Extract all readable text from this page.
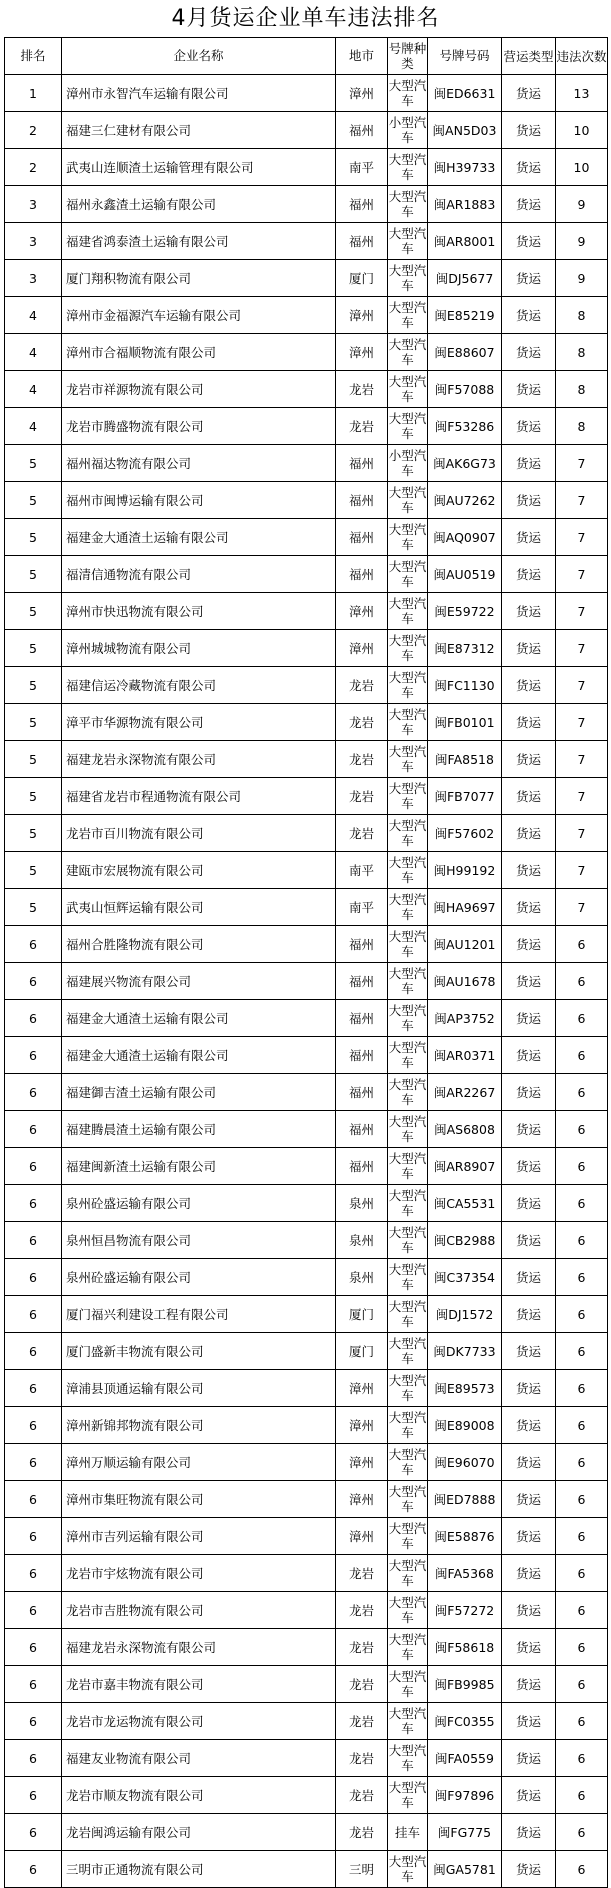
4月货运企业单车违法排名
排名	企业名称	地市	号牌种类	号牌号码	营运类型	违法次数
1	漳州市永智汽车运输有限公司	漳州	大型汽车	闽ED6631	货运	13
2	福建三仁建材有限公司	福州	小型汽车	闽AN5D03	货运	10
2	武夷山连顺渣土运输管理有限公司	南平	大型汽车	闽H39733	货运	10
3	福州永鑫渣土运输有限公司	福州	大型汽车	闽AR1883	货运	9
3	福建省鸿泰渣土运输有限公司	福州	大型汽车	闽AR8001	货运	9
3	厦门翔积物流有限公司	厦门	大型汽车	闽DJ5677	货运	9
4	漳州市金福源汽车运输有限公司	漳州	大型汽车	闽E85219	货运	8
4	漳州市合福顺物流有限公司	漳州	大型汽车	闽E88607	货运	8
4	龙岩市祥源物流有限公司	龙岩	大型汽车	闽F57088	货运	8
4	龙岩市腾盛物流有限公司	龙岩	大型汽车	闽F53286	货运	8
5	福州福达物流有限公司	福州	小型汽车	闽AK6G73	货运	7
5	福州市闽博运输有限公司	福州	大型汽车	闽AU7262	货运	7
5	福建金大通渣土运输有限公司	福州	大型汽车	闽AQ0907	货运	7
5	福清信通物流有限公司	福州	大型汽车	闽AU0519	货运	7
5	漳州市快迅物流有限公司	漳州	大型汽车	闽E59722	货运	7
5	漳州城城物流有限公司	漳州	大型汽车	闽E87312	货运	7
5	福建信运冷藏物流有限公司	龙岩	大型汽车	闽FC1130	货运	7
5	漳平市华源物流有限公司	龙岩	大型汽车	闽FB0101	货运	7
5	福建龙岩永深物流有限公司	龙岩	大型汽车	闽FA8518	货运	7
5	福建省龙岩市程通物流有限公司	龙岩	大型汽车	闽FB7077	货运	7
5	龙岩市百川物流有限公司	龙岩	大型汽车	闽F57602	货运	7
5	建瓯市宏展物流有限公司	南平	大型汽车	闽H99192	货运	7
5	武夷山恒辉运输有限公司	南平	大型汽车	闽HA9697	货运	7
6	福州合胜隆物流有限公司	福州	大型汽车	闽AU1201	货运	6
6	福建展兴物流有限公司	福州	大型汽车	闽AU1678	货运	6
6	福建金大通渣土运输有限公司	福州	大型汽车	闽AP3752	货运	6
6	福建金大通渣土运输有限公司	福州	大型汽车	闽AR0371	货运	6
6	福建御吉渣土运输有限公司	福州	大型汽车	闽AR2267	货运	6
6	福建腾晨渣土运输有限公司	福州	大型汽车	闽AS6808	货运	6
6	福建闽新渣土运输有限公司	福州	大型汽车	闽AR8907	货运	6
6	泉州砼盛运输有限公司	泉州	大型汽车	闽CA5531	货运	6
6	泉州恒昌物流有限公司	泉州	大型汽车	闽CB2988	货运	6
6	泉州砼盛运输有限公司	泉州	大型汽车	闽C37354	货运	6
6	厦门福兴利建设工程有限公司	厦门	大型汽车	闽DJ1572	货运	6
6	厦门盛新丰物流有限公司	厦门	大型汽车	闽DK7733	货运	6
6	漳浦县顶通运输有限公司	漳州	大型汽车	闽E89573	货运	6
6	漳州新锦邦物流有限公司	漳州	大型汽车	闽E89008	货运	6
6	漳州万顺运输有限公司	漳州	大型汽车	闽E96070	货运	6
6	漳州市集旺物流有限公司	漳州	大型汽车	闽ED7888	货运	6
6	漳州市吉列运输有限公司	漳州	大型汽车	闽E58876	货运	6
6	龙岩市宇炫物流有限公司	龙岩	大型汽车	闽FA5368	货运	6
6	龙岩市吉胜物流有限公司	龙岩	大型汽车	闽F57272	货运	6
6	福建龙岩永深物流有限公司	龙岩	大型汽车	闽F58618	货运	6
6	龙岩市嘉丰物流有限公司	龙岩	大型汽车	闽FB9985	货运	6
6	龙岩市龙运物流有限公司	龙岩	大型汽车	闽FC0355	货运	6
6	福建友业物流有限公司	龙岩	大型汽车	闽FA0559	货运	6
6	龙岩市顺友物流有限公司	龙岩	大型汽车	闽F97896	货运	6
6	龙岩闽鸿运输有限公司	龙岩	挂车	闽FG775	货运	6
6	三明市正通物流有限公司	三明	大型汽车	闽GA5781	货运	6
